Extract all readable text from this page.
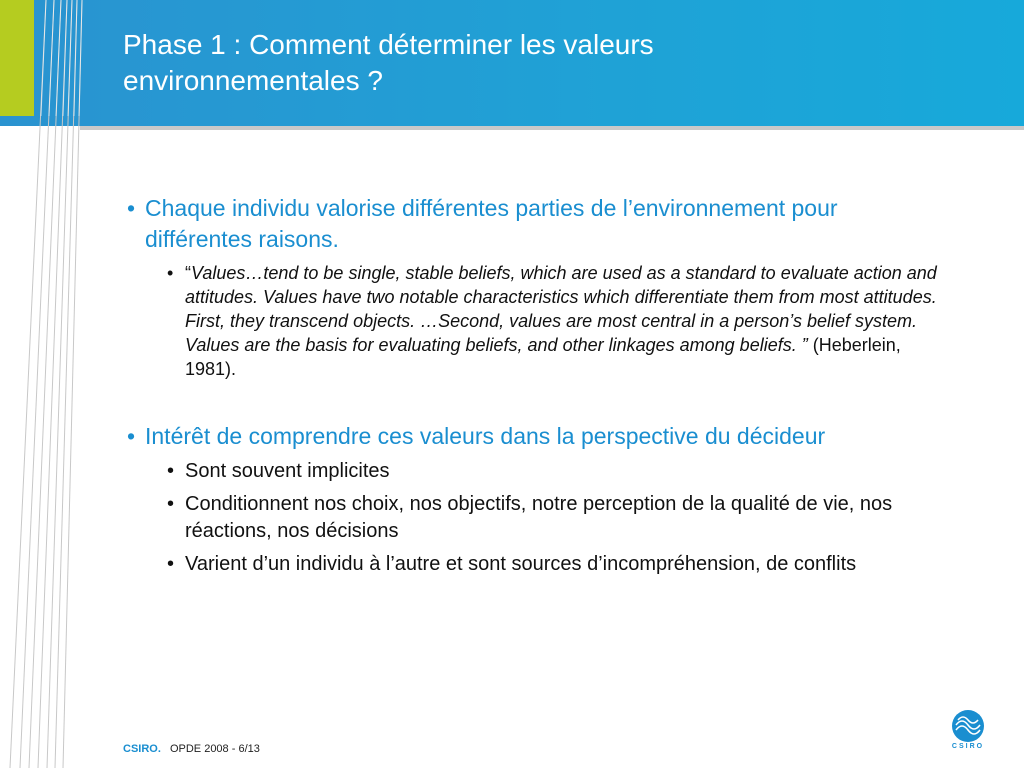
Phase 1 : Comment déterminer les valeurs environnementales ?
• Chaque individu valorise différentes parties de l’environnement pour différentes raisons.
• “Values…tend to be single, stable beliefs, which are used as a standard to evaluate action and attitudes. Values have two notable characteristics which differentiate them from most attitudes. First, they transcend objects. …Second, values are most central in a person’s belief system. Values are the basis for evaluating beliefs, and other linkages among beliefs. ” (Heberlein, 1981).
• Intérêt de comprendre ces valeurs dans la perspective du décideur
• Sont souvent implicites
• Conditionnent nos choix, nos objectifs, notre perception de la qualité de vie, nos réactions, nos décisions
• Varient d’un individu à l’autre et sont sources d’incompréhension, de conflits
CSIRO. OPDE 2008 - 6/13	CSIRO
